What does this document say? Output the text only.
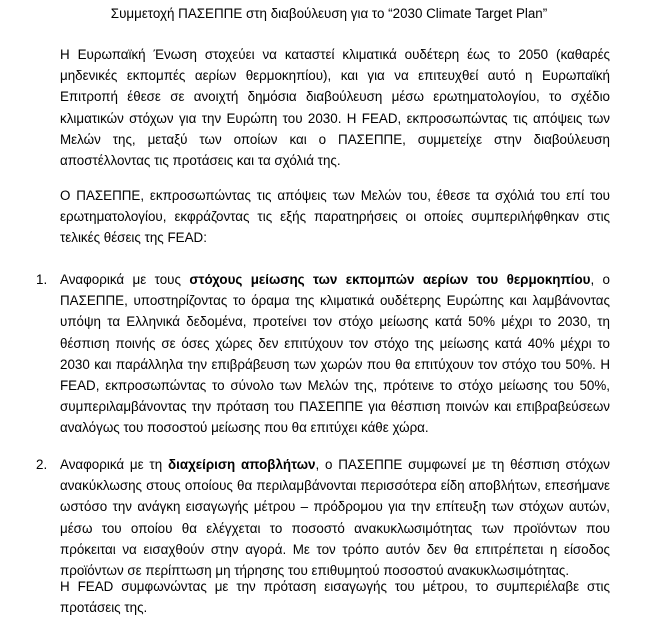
Συμμετοχή ΠΑΣΕΠΠΕ στη διαβούλευση για το “2030 Climate Target Plan”

Η Ευρωπαϊκή Ένωση στοχεύει να καταστεί κλιματικά ουδέτερη έως το 2050 (καθαρές μηδενικές εκπομπές αερίων θερμοκηπίου), και για να επιτευχθεί αυτό η Ευρωπαϊκή Επιτροπή έθεσε σε ανοιχτή δημόσια διαβούλευση μέσω ερωτηματολογίου, το σχέδιο κλιματικών στόχων για την Ευρώπη του 2030. Η FEAD, εκπροσωπώντας τις απόψεις των Μελών της, μεταξύ των οποίων και ο ΠΑΣΕΠΠΕ, συμμετείχε στην διαβούλευση αποστέλλοντας τις προτάσεις και τα σχόλιά της.

Ο ΠΑΣΕΠΠΕ, εκπροσωπώντας τις απόψεις των Μελών του, έθεσε τα σχόλιά του επί του ερωτηματολογίου, εκφράζοντας τις εξής παρατηρήσεις οι οποίες συμπεριλήφθηκαν στις τελικές θέσεις της FEAD:

1. Αναφορικά με τους στόχους μείωσης των εκπομπών αερίων του θερμοκηπίου, ο ΠΑΣΕΠΠΕ, υποστηρίζοντας το όραμα της κλιματικά ουδέτερης Ευρώπης και λαμβάνοντας υπόψη τα Ελληνικά δεδομένα, προτείνει τον στόχο μείωσης κατά 50% μέχρι το 2030, τη θέσπιση ποινής σε όσες χώρες δεν επιτύχουν τον στόχο της μείωσης κατά 40% μέχρι το 2030 και παράλληλα την επιβράβευση των χωρών που θα επιτύχουν τον στόχο του 50%. Η FEAD, εκπροσωπώντας το σύνολο των Μελών της, πρότεινε το στόχο μείωσης του 50%, συμπεριλαμβάνοντας την πρόταση του ΠΑΣΕΠΠΕ για θέσπιση ποινών και επιβραβεύσεων αναλόγως του ποσοστού μείωσης που θα επιτύχει κάθε χώρα.
2. Αναφορικά με τη διαχείριση αποβλήτων, ο ΠΑΣΕΠΠΕ συμφωνεί με τη θέσπιση στόχων ανακύκλωσης στους οποίους θα περιλαμβάνονται περισσότερα είδη αποβλήτων, επεσήμανε ωστόσο την ανάγκη εισαγωγής μέτρου – πρόδρομου για την επίτευξη των στόχων αυτών, μέσω του οποίου θα ελέγχεται το ποσοστό ανακυκλωσιμότητας των προϊόντων που πρόκειται να εισαχθούν στην αγορά. Με τον τρόπο αυτόν δεν θα επιτρέπεται η είσοδος προϊόντων σε περίπτωση μη τήρησης του επιθυμητού ποσοστού ανακυκλωσιμότητας.
Η FEAD συμφωνώντας με την πρόταση εισαγωγής του μέτρου, το συμπεριέλαβε στις προτάσεις της.
